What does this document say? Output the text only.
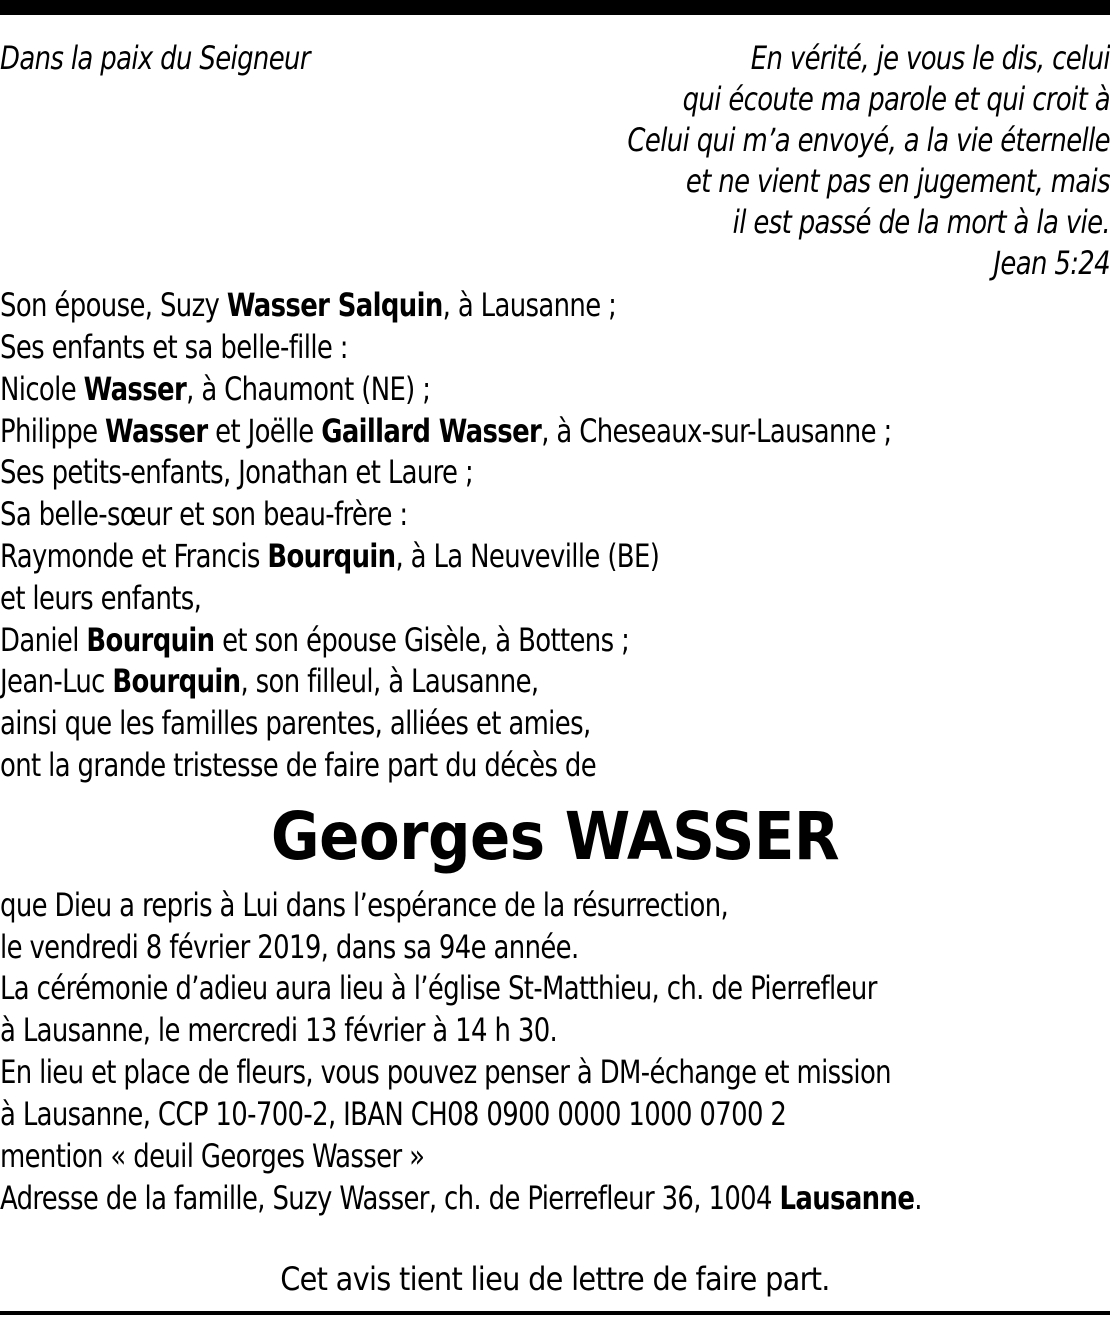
Dans la paix du Seigneur	En vérité, je vous le dis, celui
qui écoute ma parole et qui croit à
Celui qui m’a envoyé, a la vie éternelle
et ne vient pas en jugement, mais
il est passé de la mort à la vie.
Jean 5:24
Son épouse, Suzy Wasser Salquin, à Lausanne ;
Ses enfants et sa belle-fille :
Nicole Wasser, à Chaumont (NE) ;
Philippe Wasser et Joëlle Gaillard Wasser, à Cheseaux-sur-Lausanne ;
Ses petits-enfants, Jonathan et Laure ;
Sa belle-sœur et son beau-frère :
Raymonde et Francis Bourquin, à La Neuveville (BE)
et leurs enfants,
Daniel Bourquin et son épouse Gisèle, à Bottens ;
Jean-Luc Bourquin, son filleul, à Lausanne,
ainsi que les familles parentes, alliées et amies,
ont la grande tristesse de faire part du décès de
Georges WASSER
que Dieu a repris à Lui dans l’espérance de la résurrection,
le vendredi 8 février 2019, dans sa 94e année.
La cérémonie d’adieu aura lieu à l’église St-Matthieu, ch. de Pierrefleur
à Lausanne, le mercredi 13 février à 14 h 30.
En lieu et place de fleurs, vous pouvez penser à DM-échange et mission
à Lausanne, CCP 10-700-2, IBAN CH08 0900 0000 1000 0700 2
mention « deuil Georges Wasser »
Adresse de la famille, Suzy Wasser, ch. de Pierrefleur 36, 1004 Lausanne.
Cet avis tient lieu de lettre de faire part.
